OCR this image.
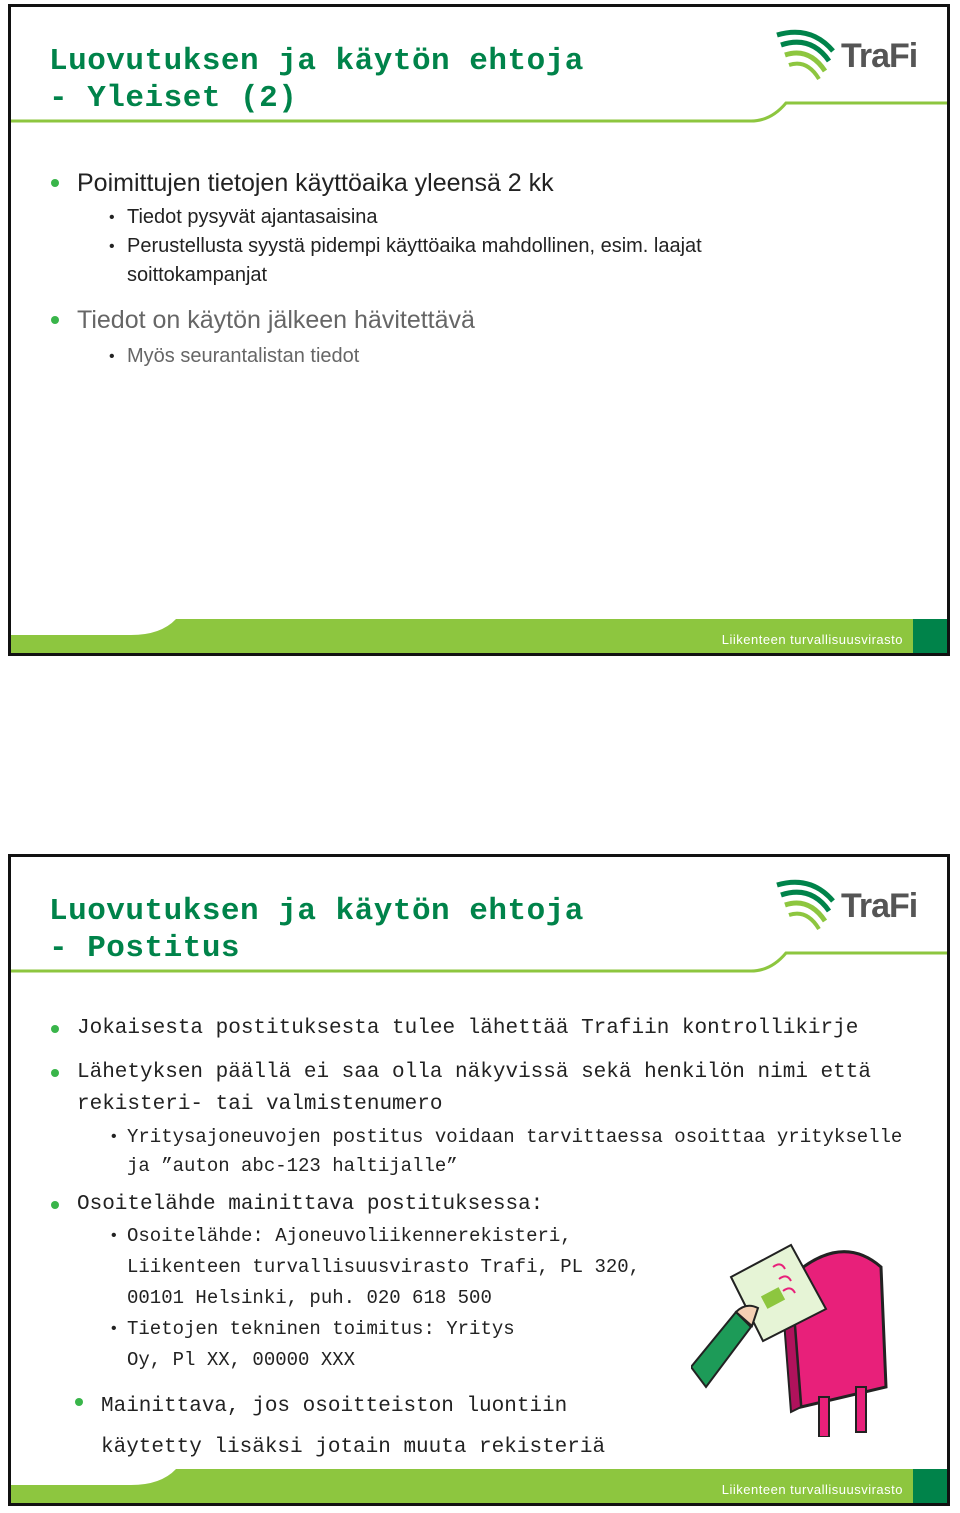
Luovutuksen ja käytön ehtoja
- Yleiset (2)
TraFi
Poimittujen tietojen käyttöaika yleensä 2 kk
• Tiedot pysyvät ajantasaisina
• Perustellusta syystä pidempi käyttöaika mahdollinen, esim. laajat soittokampanjat
Tiedot on käytön jälkeen hävitettävä
• Myös seurantalistan tiedot
Liikenteen turvallisuusvirasto
Luovutuksen ja käytön ehtoja
- Postitus
TraFi
Jokaisesta postituksesta tulee lähettää Trafiin kontrollikirje
Lähetyksen päällä ei saa olla näkyvissä sekä henkilön nimi että rekisteri- tai valmistenumero
• Yritysajoneuvojen postitus voidaan tarvittaessa osoittaa yritykselle ja ”auton abc-123 haltijalle”
Osoitelähde mainittava postituksessa:
• Osoitelähde: Ajoneuvoliikennerekisteri, Liikenteen turvallisuusvirasto Trafi, PL 320, 00101 Helsinki, puh. 020 618 500
• Tietojen tekninen toimitus: Yritys Oy, Pl XX, 00000 XXX
Mainittava, jos osoitteiston luontiin käytetty lisäksi jotain muuta rekisteriä
Liikenteen turvallisuusvirasto
